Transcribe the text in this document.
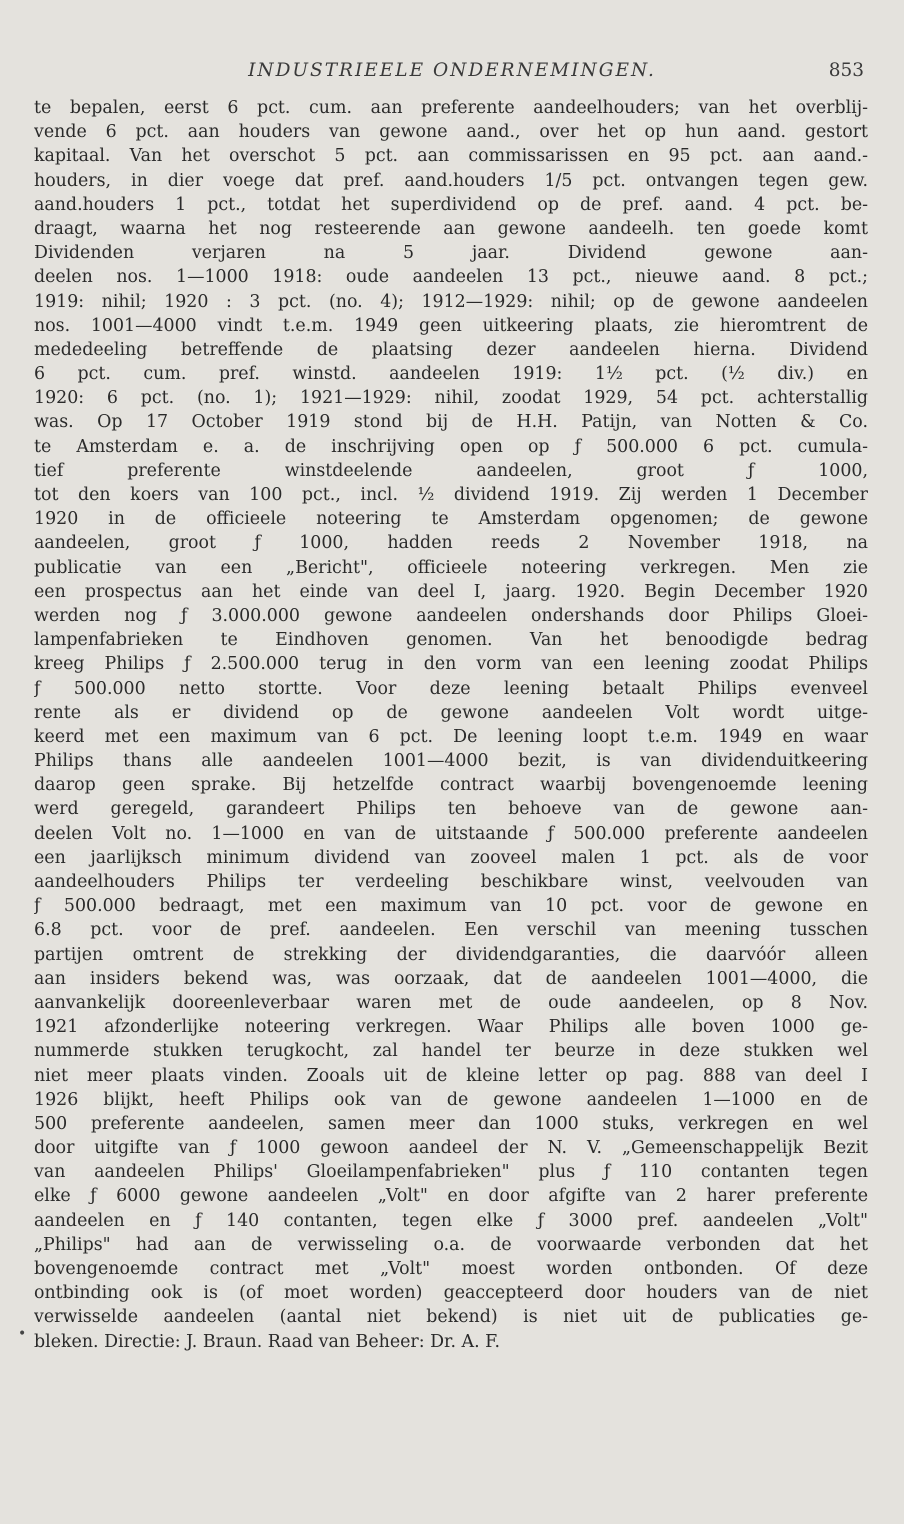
INDUSTRIEELE ONDERNEMINGEN.	853
•
te bepalen, eerst 6 pct. cum. aan preferente aandeelhouders; van het overblij-
vende 6 pct. aan houders van gewone aand., over het op hun aand. gestort
kapitaal. Van het overschot 5 pct. aan commissarissen en 95 pct. aan aand.-
houders, in dier voege dat pref. aand.houders 1/5 pct. ontvangen tegen gew.
aand.houders 1 pct., totdat het superdividend op de pref. aand. 4 pct. be-
draagt, waarna het nog resteerende aan gewone aandeelh. ten goede komt
Dividenden verjaren na 5 jaar. Dividend gewone aan-
deelen nos. 1—1000 1918: oude aandeelen 13 pct., nieuwe aand. 8 pct.;
1919: nihil; 1920 : 3 pct. (no. 4); 1912—1929: nihil; op de gewone aandeelen
nos. 1001—4000 vindt t.e.m. 1949 geen uitkeering plaats, zie hieromtrent de
mededeeling betreffende de plaatsing dezer aandeelen hierna. Dividend
6 pct. cum. pref. winstd. aandeelen 1919: 1½ pct. (½ div.) en
1920: 6 pct. (no. 1); 1921—1929: nihil, zoodat 1929, 54 pct. achterstallig
was. Op 17 October 1919 stond bij de H.H. Patijn, van Notten & Co.
te Amsterdam e. a. de inschrijving open op ƒ 500.000 6 pct. cumula-
tief preferente winstdeelende aandeelen, groot ƒ 1000,
tot den koers van 100 pct., incl. ½ dividend 1919. Zij werden 1 December
1920 in de officieele noteering te Amsterdam opgenomen; de gewone
aandeelen, groot ƒ 1000, hadden reeds 2 November 1918, na
publicatie van een „Bericht", officieele noteering verkregen. Men zie
een prospectus aan het einde van deel I, jaarg. 1920. Begin December 1920
werden nog ƒ 3.000.000 gewone aandeelen ondershands door Philips Gloei-
lampenfabrieken te Eindhoven genomen. Van het benoodigde bedrag
kreeg Philips ƒ 2.500.000 terug in den vorm van een leening zoodat Philips
ƒ 500.000 netto stortte. Voor deze leening betaalt Philips evenveel
rente als er dividend op de gewone aandeelen Volt wordt uitge-
keerd met een maximum van 6 pct. De leening loopt t.e.m. 1949 en waar
Philips thans alle aandeelen 1001—4000 bezit, is van dividenduitkeering
daarop geen sprake. Bij hetzelfde contract waarbij bovengenoemde leening
werd geregeld, garandeert Philips ten behoeve van de gewone aan-
deelen Volt no. 1—1000 en van de uitstaande ƒ 500.000 preferente aandeelen
een jaarlijksch minimum dividend van zooveel malen 1 pct. als de voor
aandeelhouders Philips ter verdeeling beschikbare winst, veelvouden van
ƒ 500.000 bedraagt, met een maximum van 10 pct. voor de gewone en
6.8 pct. voor de pref. aandeelen. Een verschil van meening tusschen
partijen omtrent de strekking der dividendgaranties, die daarvóór alleen
aan insiders bekend was, was oorzaak, dat de aandeelen 1001—4000, die
aanvankelijk dooreenleverbaar waren met de oude aandeelen, op 8 Nov.
1921 afzonderlijke noteering verkregen. Waar Philips alle boven 1000 ge-
nummerde stukken terugkocht, zal handel ter beurze in deze stukken wel
niet meer plaats vinden. Zooals uit de kleine letter op pag. 888 van deel I
1926 blijkt, heeft Philips ook van de gewone aandeelen 1—1000 en de
500 preferente aandeelen, samen meer dan 1000 stuks, verkregen en wel
door uitgifte van ƒ 1000 gewoon aandeel der N. V. „Gemeenschappelijk Bezit
van aandeelen Philips' Gloeilampenfabrieken" plus ƒ 110 contanten tegen
elke ƒ 6000 gewone aandeelen „Volt" en door afgifte van 2 harer preferente
aandeelen en ƒ 140 contanten, tegen elke ƒ 3000 pref. aandeelen „Volt"
„Philips" had aan de verwisseling o.a. de voorwaarde verbonden dat het
bovengenoemde contract met „Volt" moest worden ontbonden. Of deze
ontbinding ook is (of moet worden) geaccepteerd door houders van de niet
verwisselde aandeelen (aantal niet bekend) is niet uit de publicaties ge-
bleken. Directie: J. Braun. Raad van Beheer: Dr. A. F.
